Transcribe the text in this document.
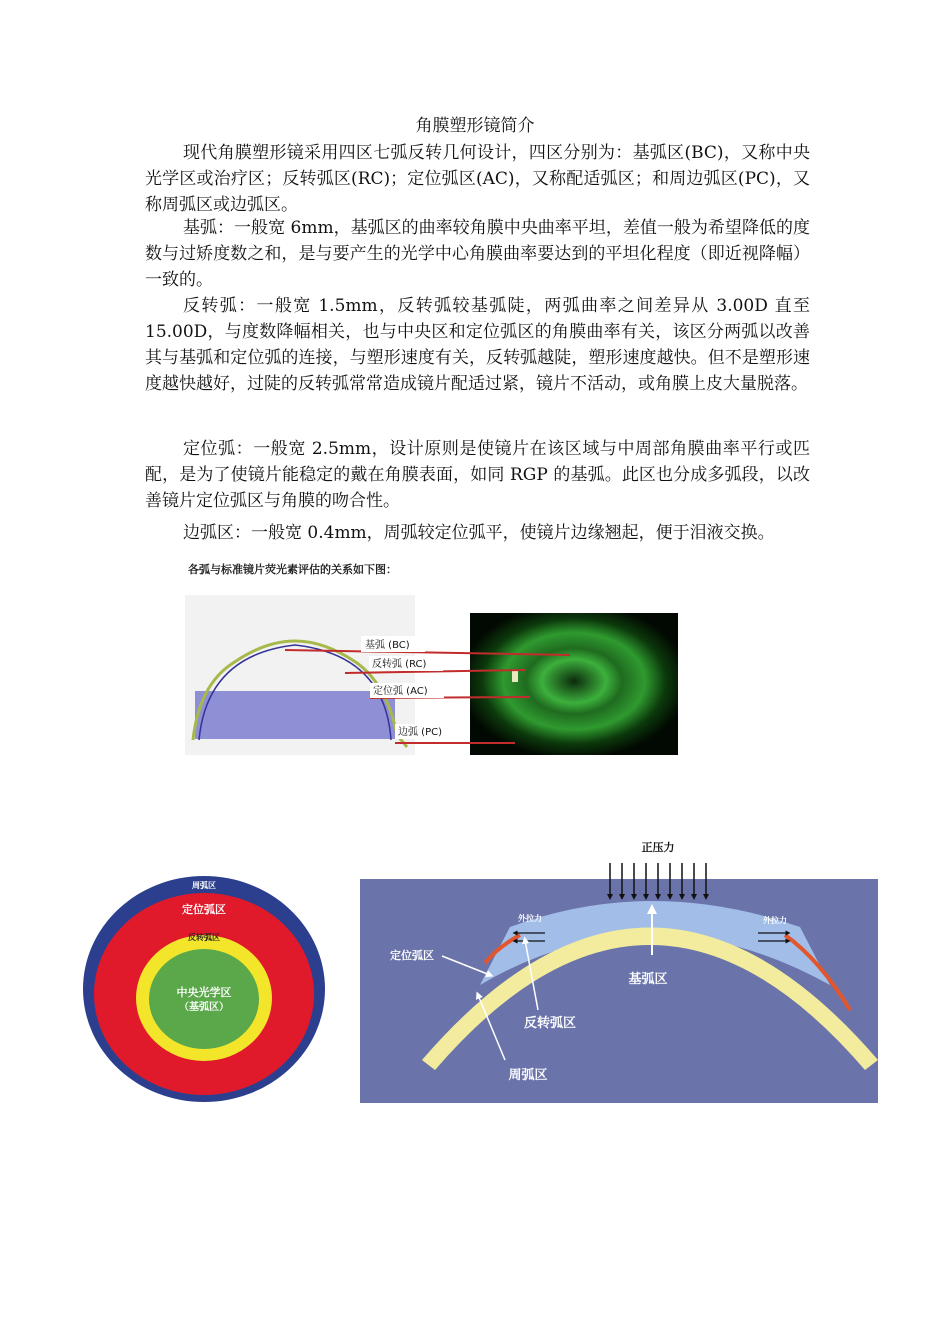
角膜塑形镜简介

现代角膜塑形镜采用四区七弧反转几何设计，四区分别为：基弧区(BC)，又称中央光学区或治疗区；反转弧区(RC)；定位弧区(AC)，又称配适弧区；和周边弧区(PC)，又称周弧区或边弧区。

基弧：一般宽 6mm，基弧区的曲率较角膜中央曲率平坦，差值一般为希望降低的度数与过矫度数之和，是与要产生的光学中心角膜曲率要达到的平坦化程度（即近视降幅）一致的。

反转弧：一般宽 1.5mm，反转弧较基弧陡，两弧曲率之间差异从 3.00D 直至 15.00D，与度数降幅相关，也与中央区和定位弧区的角膜曲率有关，该区分两弧以改善其与基弧和定位弧的连接，与塑形速度有关，反转弧越陡，塑形速度越快。但不是塑形速度越快越好，过陡的反转弧常常造成镜片配适过紧，镜片不活动，或角膜上皮大量脱落。

定位弧：一般宽 2.5mm，设计原则是使镜片在该区域与中周部角膜曲率平行或匹配，是为了使镜片能稳定的戴在角膜表面，如同 RGP 的基弧。此区也分成多弧段，以改善镜片定位弧区与角膜的吻合性。

边弧区：一般宽 0.4mm，周弧较定位弧平，使镜片边缘翘起，便于泪液交换。

各弧与标准镜片荧光素评估的关系如下图：
基弧 (BC)
反转弧 (RC)
定位弧 (AC)
边弧 (PC)
周弧区
定位弧区
反转弧区
中央光学区
（基弧区）
正压力
外拉力	外拉力
基弧区
定位弧区
反转弧区
周弧区
